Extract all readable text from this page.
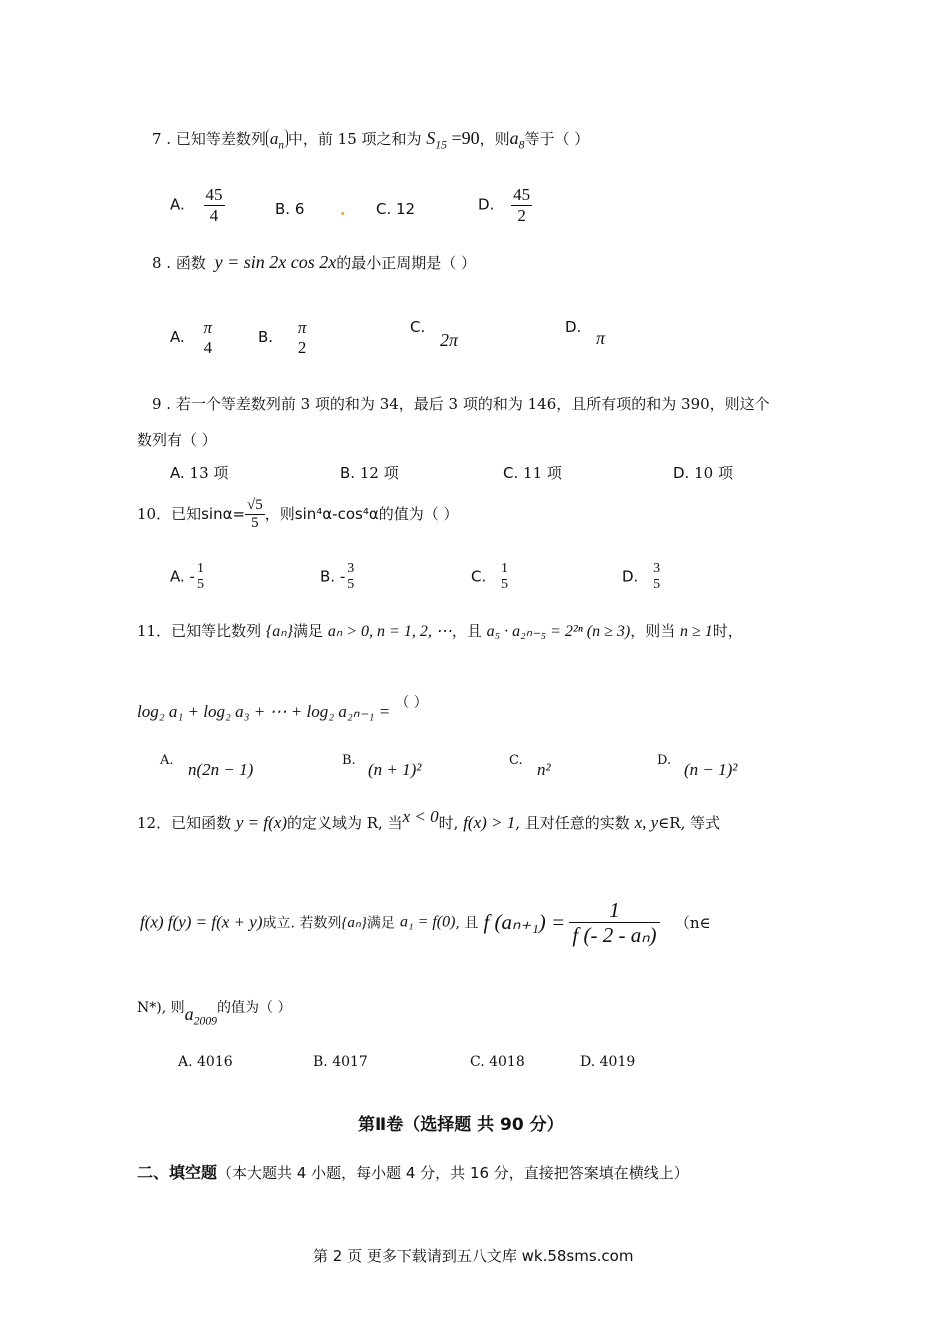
7 . 已知等差数列 $a_n$ 中，前 15 项之和为 $S_{15} =90$，则$a_8$等于（ ）
A. $\frac{45}{4}$	B. 6 . C. 12	D. $\frac{45}{2}$
8 . 函数 y = sin 2x cos 2x的最小正周期是（ ）
A.
π
4
B.
π
2
C.
2π
D.
π
9 . 若一个等差数列前 3 项的和为 34，最后 3 项的和为 146，且所有项的和为 390，则这个
数列有（ ）
A. 13 项	B. 12 项	C. 11 项	D. 10 项
10．已知$\sin\alpha= \frac{√5}{5}$ ，则sin⁴α-cos⁴α的值为（ ）
A. - 1
5	B. - 3
5	C. 1
5	D. 3
5
11．已知等比数列 {aₙ}满足 aₙ > 0, n = 1, 2, ⋯，且 a₅ · a₂ₙ₋₅ = 2²ⁿ (n ≥ 3)，则当 n ≥ 1时，
log₂ a₁ + log₂ a₃ + ⋯ + log₂ a₂ₙ₋₁ = （ ）
A. n(2n − 1)	B. (n + 1)²	C. n²	D. (n − 1)²
12．已知函数 y = f(x)的定义域为 R, 当x < 0时, f(x) > 1, 且对任意的实数 x, y∈R, 等式
f(x) f(y) = f(x + y)成立. 若数列{aₙ}满足 a₁ = f(0), 且 f $(a_{n+1}) = \frac{1}{\text{f (- 2 - aₙ)}}$ （n∈
N*), 则$a_{2009}$的值为（ ）
A. 4016	B. 4017	C. 4018	D. 4019
第Ⅱ卷（选择题 共 90 分）
二、填空题（本大题共 4 小题，每小题 4 分，共 16 分，直接把答案填在横线上）
第 2 页 更多下载请到五八文库 wk.58sms.com
